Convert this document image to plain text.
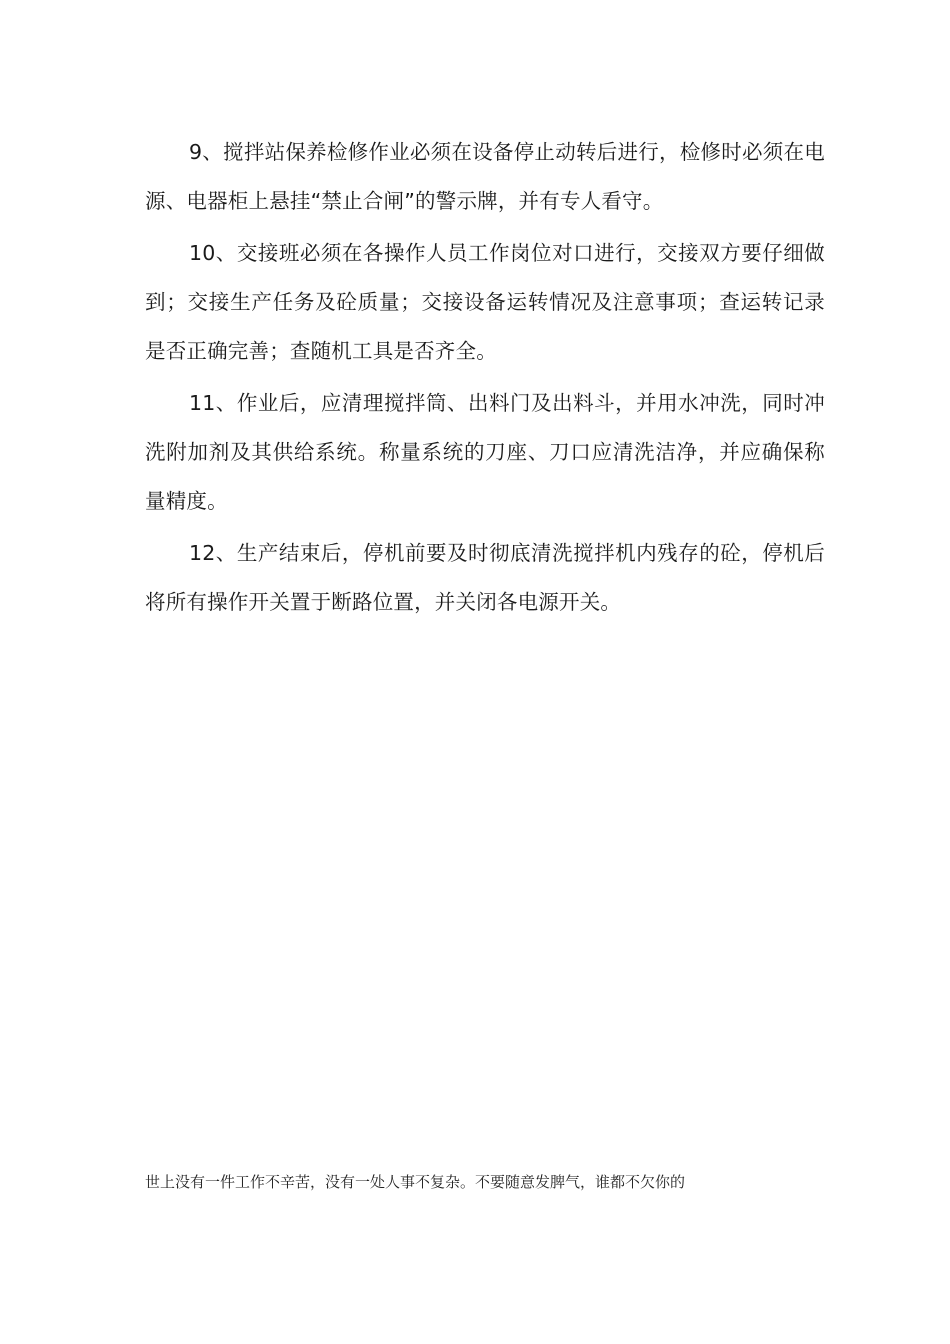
9、搅拌站保养检修作业必须在设备停止动转后进行，检修时必须在电源、电器柜上悬挂“禁止合闸”的警示牌，并有专人看守。

10、交接班必须在各操作人员工作岗位对口进行，交接双方要仔细做到；交接生产任务及砼质量；交接设备运转情况及注意事项；查运转记录是否正确完善；查随机工具是否齐全。

11、作业后，应清理搅拌筒、出料门及出料斗，并用水冲洗，同时冲洗附加剂及其供给系统。称量系统的刀座、刀口应清洗洁净，并应确保称量精度。

12、生产结束后，停机前要及时彻底清洗搅拌机内残存的砼，停机后将所有操作开关置于断路位置，并关闭各电源开关。

世上没有一件工作不辛苦，没有一处人事不复杂。不要随意发脾气，谁都不欠你的
